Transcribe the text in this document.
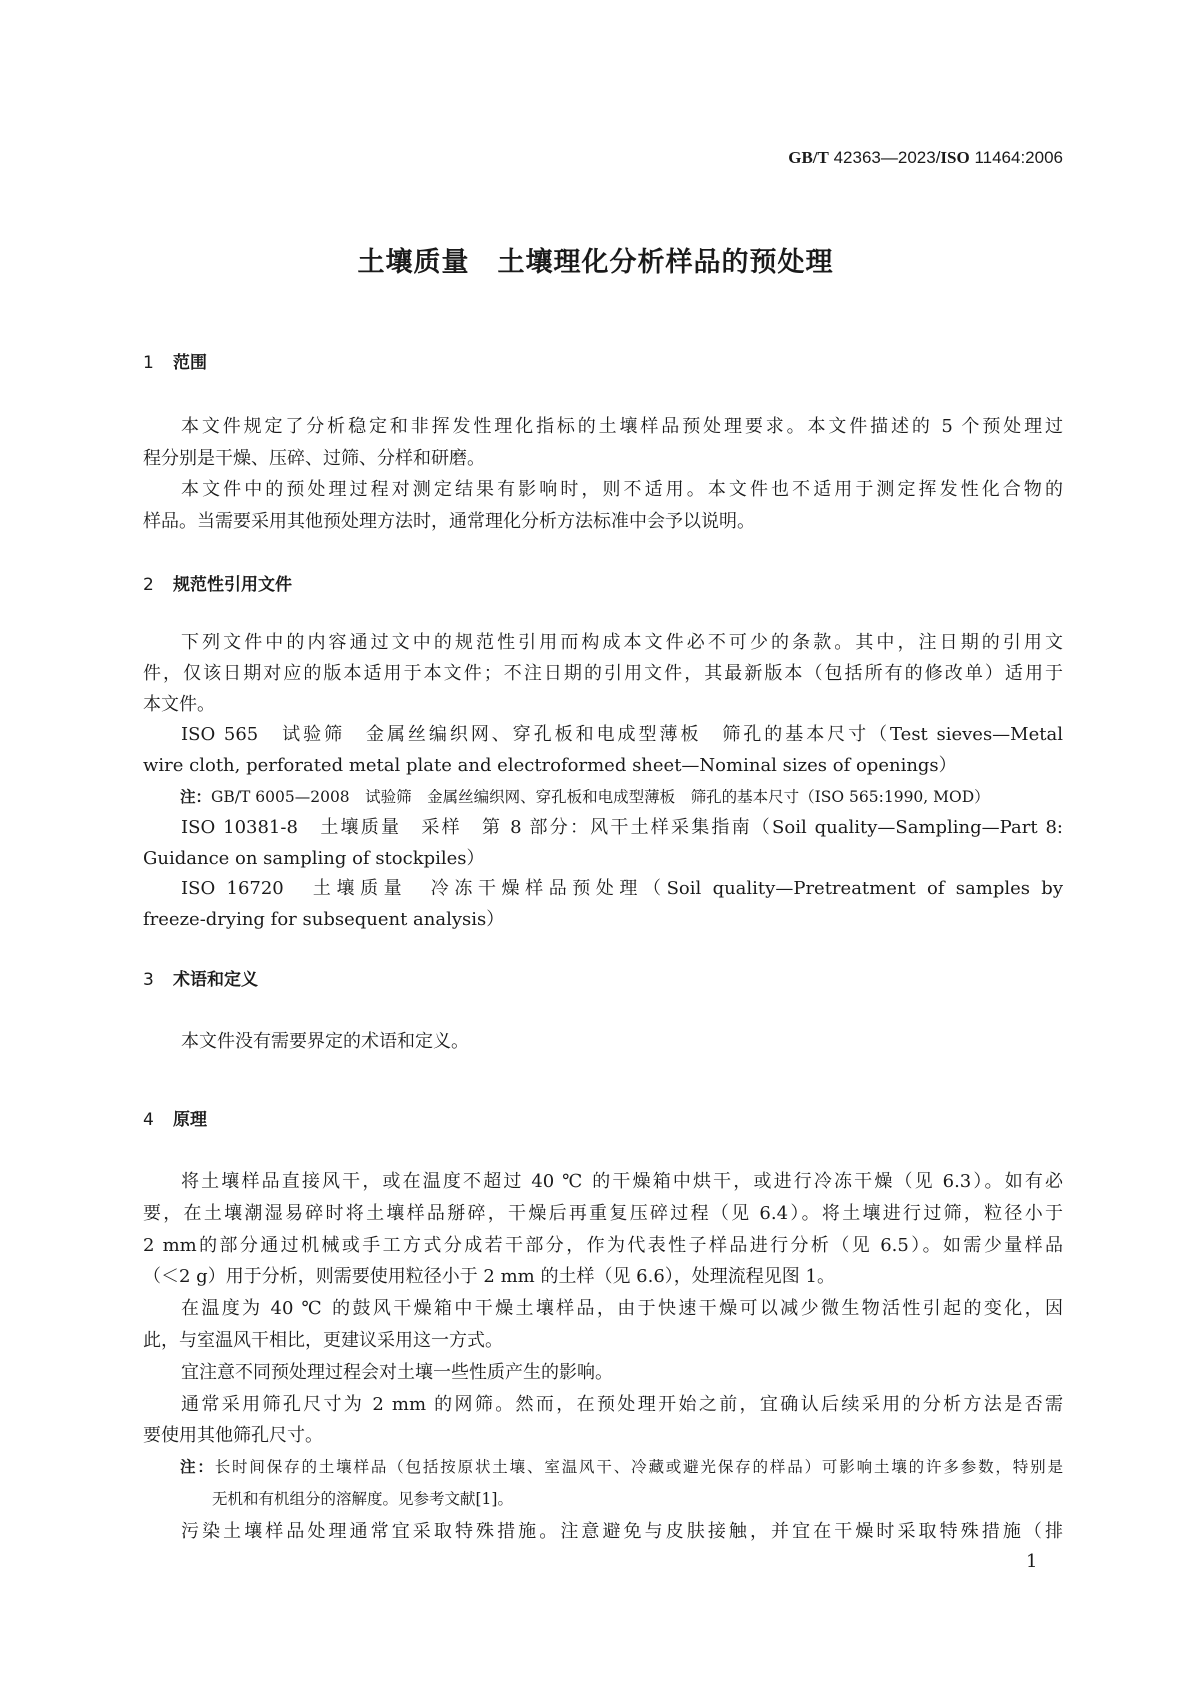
GB/T 42363—2023/ISO 11464:2006
土壤质量　土壤理化分析样品的预处理
1 范围
本文件规定了分析稳定和非挥发性理化指标的土壤样品预处理要求。本文件描述的 5 个预处理过
程分别是干燥、压碎、过筛、分样和研磨。
本文件中的预处理过程对测定结果有影响时，则不适用。本文件也不适用于测定挥发性化合物的
样品。当需要采用其他预处理方法时，通常理化分析方法标准中会予以说明。
2 规范性引用文件
下列文件中的内容通过文中的规范性引用而构成本文件必不可少的条款。其中，注日期的引用文
件，仅该日期对应的版本适用于本文件；不注日期的引用文件，其最新版本（包括所有的修改单）适用于
本文件。
ISO 565　试验筛　金属丝编织网、穿孔板和电成型薄板　筛孔的基本尺寸（Test sieves—Metal
wire cloth, perforated metal plate and electroformed sheet—Nominal sizes of openings）
注：GB/T 6005—2008　试验筛　金属丝编织网、穿孔板和电成型薄板　筛孔的基本尺寸（ISO 565:1990, MOD）
ISO 10381-8　土壤质量　采样　第 8 部分：风干土样采集指南（Soil quality—Sampling—Part 8:
Guidance on sampling of stockpiles）
ISO 16720　土壤质量　冷冻干燥样品预处理（Soil quality—Pretreatment of samples by
freeze-drying for subsequent analysis）
3 术语和定义
本文件没有需要界定的术语和定义。
4 原理
将土壤样品直接风干，或在温度不超过 40 ℃ 的干燥箱中烘干，或进行冷冻干燥（见 6.3）。如有必
要，在土壤潮湿易碎时将土壤样品掰碎，干燥后再重复压碎过程（见 6.4）。将土壤进行过筛，粒径小于
2 mm的部分通过机械或手工方式分成若干部分，作为代表性子样品进行分析（见 6.5）。如需少量样品
（＜2 g）用于分析，则需要使用粒径小于 2 mm 的土样（见 6.6），处理流程见图 1。
在温度为 40 ℃ 的鼓风干燥箱中干燥土壤样品，由于快速干燥可以减少微生物活性引起的变化，因
此，与室温风干相比，更建议采用这一方式。
宜注意不同预处理过程会对土壤一些性质产生的影响。
通常采用筛孔尺寸为 2 mm 的网筛。然而，在预处理开始之前，宜确认后续采用的分析方法是否需
要使用其他筛孔尺寸。
注：长时间保存的土壤样品（包括按原状土壤、室温风干、冷藏或避光保存的样品）可影响土壤的许多参数，特别是
无机和有机组分的溶解度。见参考文献[1]。
污染土壤样品处理通常宜采取特殊措施。注意避免与皮肤接触，并宜在干燥时采取特殊措施（排
1
